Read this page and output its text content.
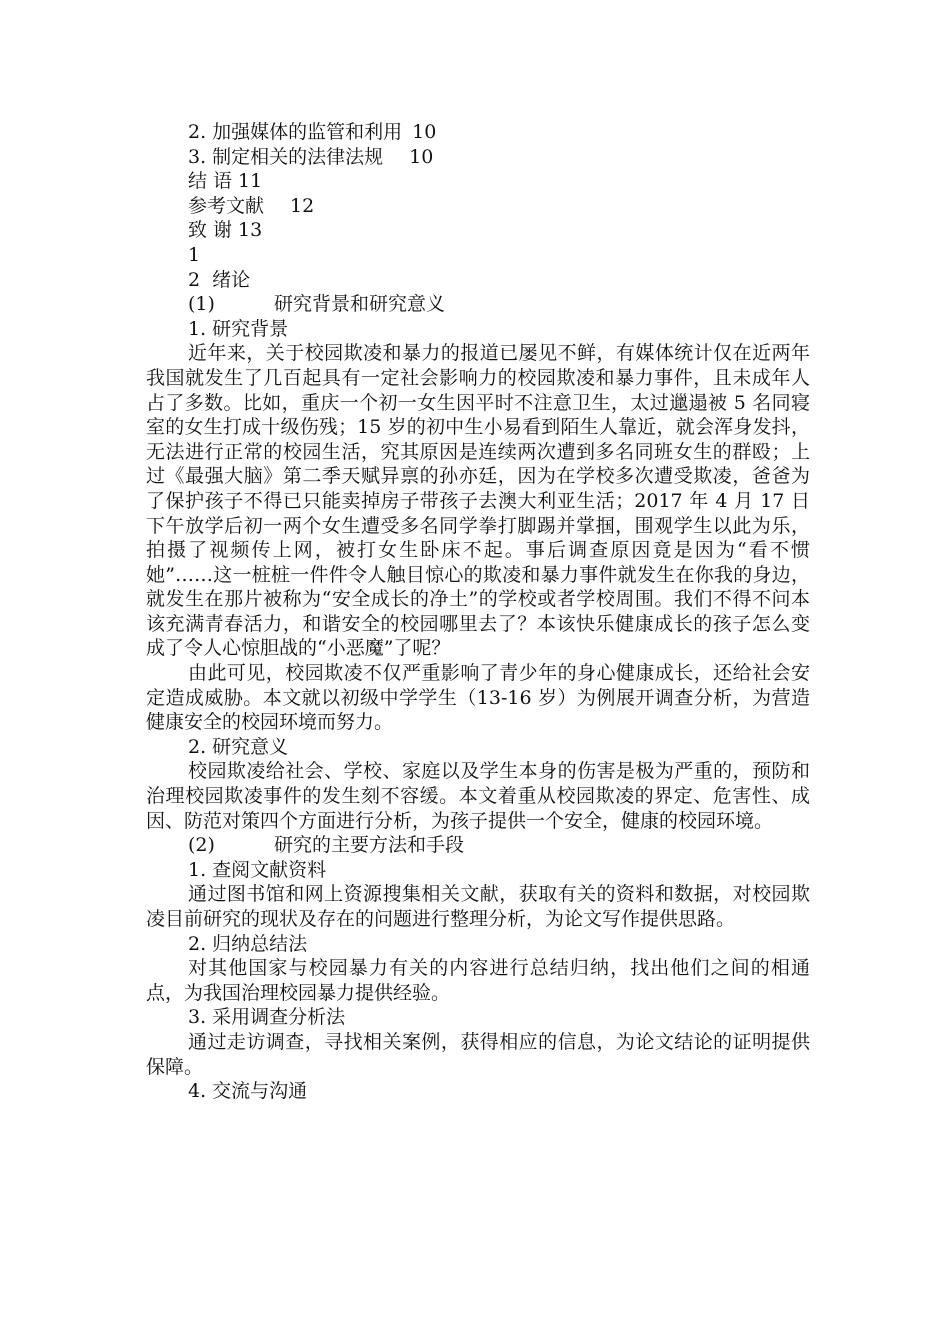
2. 加强媒体的监管和利用 10

3. 制定相关的法律法规 10

结 语 11

参考文献 12

致 谢 13

1

2  绪论

(1)	研究背景和研究意义

1. 研究背景

近年来，关于校园欺凌和暴力的报道已屡见不鲜，有媒体统计仅在近两年我国就发生了几百起具有一定社会影响力的校园欺凌和暴力事件，且未成年人占了多数。比如，重庆一个初一女生因平时不注意卫生，太过邋遢被 5 名同寝室的女生打成十级伤残；15 岁的初中生小易看到陌生人靠近，就会浑身发抖，无法进行正常的校园生活，究其原因是连续两次遭到多名同班女生的群殴；上过《最强大脑》第二季天赋异禀的孙亦廷，因为在学校多次遭受欺凌，爸爸为了保护孩子不得已只能卖掉房子带孩子去澳大利亚生活；2017 年 4 月 17 日下午放学后初一两个女生遭受多名同学拳打脚踢并掌掴，围观学生以此为乐，拍摄了视频传上网，被打女生卧床不起。事后调查原因竟是因为“看不惯她”……这一桩桩一件件令人触目惊心的欺凌和暴力事件就发生在你我的身边，就发生在那片被称为“安全成长的净土”的学校或者学校周围。我们不得不问本该充满青春活力，和谐安全的校园哪里去了？本该快乐健康成长的孩子怎么变成了令人心惊胆战的“小恶魔”了呢？

由此可见，校园欺凌不仅严重影响了青少年的身心健康成长，还给社会安定造成威胁。本文就以初级中学学生（13-16 岁）为例展开调查分析，为营造健康安全的校园环境而努力。

2. 研究意义

校园欺凌给社会、学校、家庭以及学生本身的伤害是极为严重的，预防和治理校园欺凌事件的发生刻不容缓。本文着重从校园欺凌的界定、危害性、成因、防范对策四个方面进行分析，为孩子提供一个安全，健康的校园环境。

(2)	研究的主要方法和手段

1. 查阅文献资料

通过图书馆和网上资源搜集相关文献，获取有关的资料和数据，对校园欺凌目前研究的现状及存在的问题进行整理分析，为论文写作提供思路。

2. 归纳总结法

对其他国家与校园暴力有关的内容进行总结归纳，找出他们之间的相通点，为我国治理校园暴力提供经验。

3. 采用调查分析法

通过走访调查，寻找相关案例，获得相应的信息，为论文结论的证明提供保障。

4. 交流与沟通
